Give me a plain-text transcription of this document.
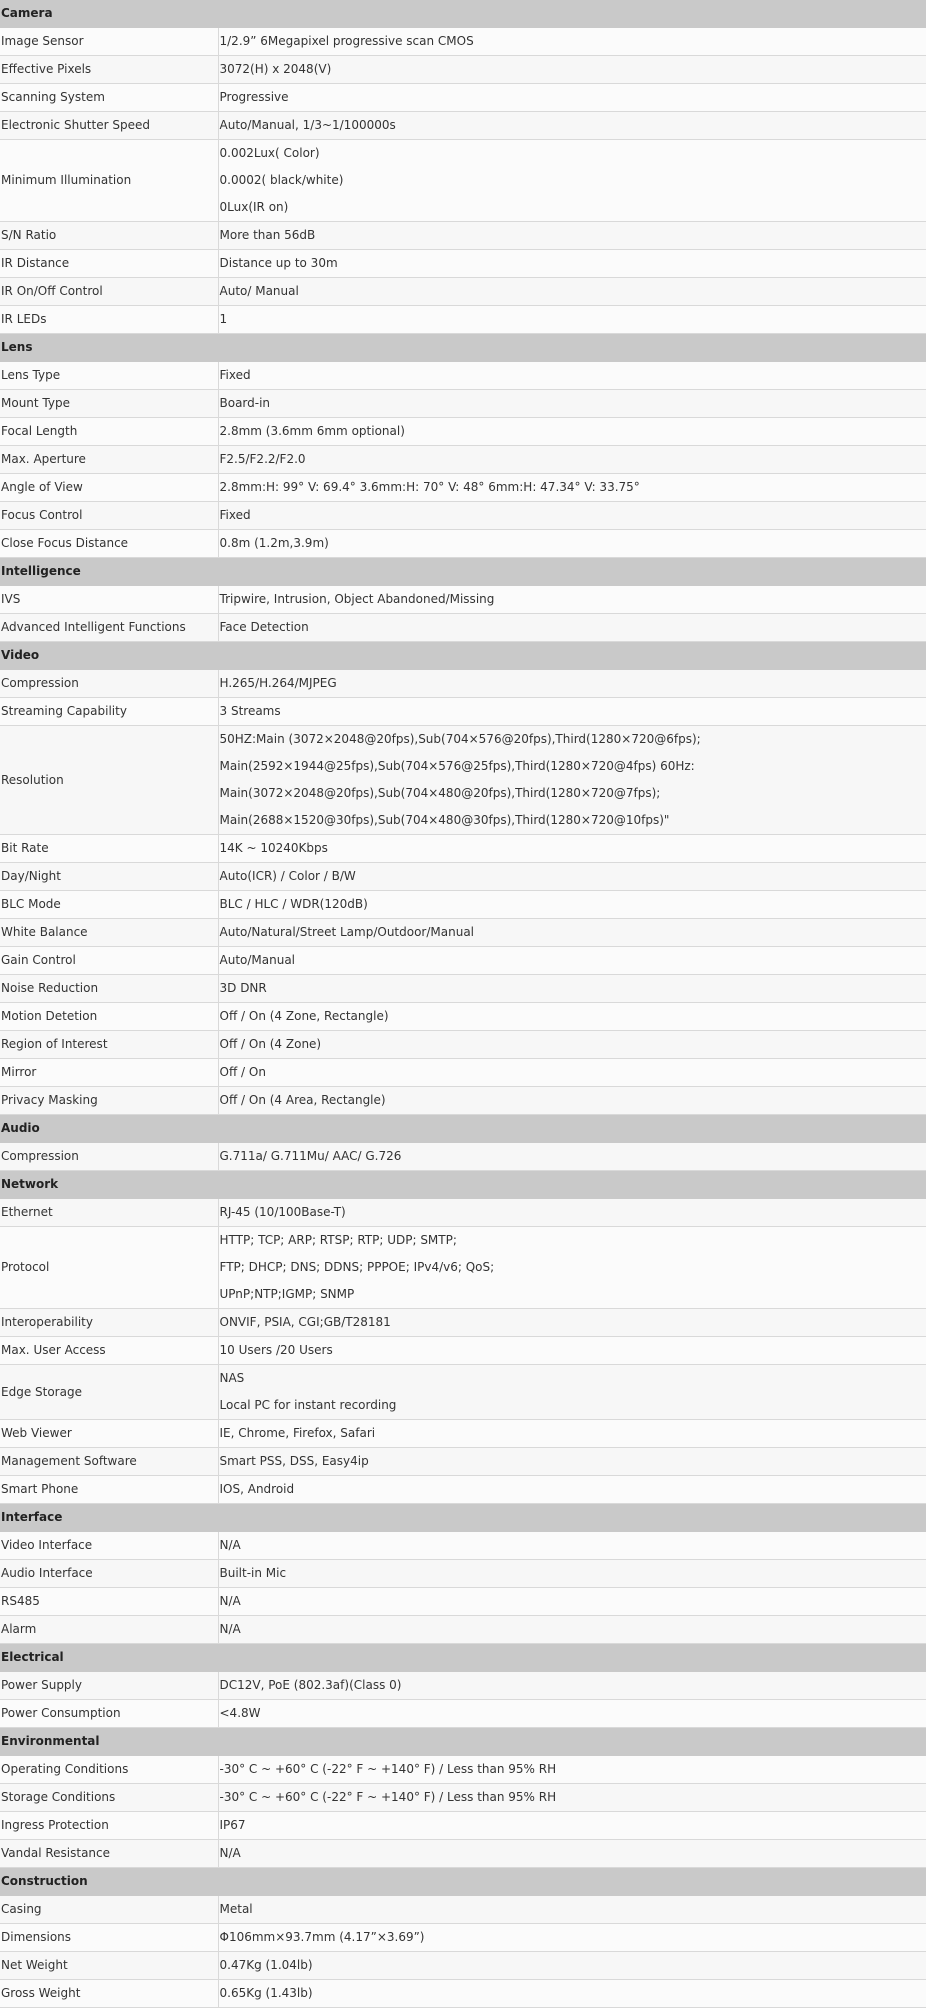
Camera	
Image Sensor	1/2.9” 6Megapixel progressive scan CMOS

Effective Pixels	3072(H) x 2048(V)

Scanning System	Progressive

Electronic Shutter Speed	Auto/Manual, 1/3~1/100000s

Minimum Illumination	0.002Lux( Color)
0.0002( black/white)
0Lux(IR on)

S/N Ratio	More than 56dB

IR Distance	Distance up to 30m

IR On/Off Control	Auto/ Manual

IR LEDs	1

Lens	
Lens Type	Fixed

Mount Type	Board-in

Focal Length	2.8mm (3.6mm 6mm optional)

Max. Aperture	F2.5/F2.2/F2.0

Angle of View	2.8mm:H: 99° V: 69.4° 3.6mm:H: 70° V: 48° 6mm:H: 47.34° V: 33.75°

Focus Control	Fixed

Close Focus Distance	0.8m (1.2m,3.9m)

Intelligence	
IVS	Tripwire, Intrusion, Object Abandoned/Missing

Advanced Intelligent Functions	Face Detection

Video	
Compression	H.265/H.264/MJPEG

Streaming Capability	3 Streams

Resolution	50HZ:Main (3072×2048@20fps),Sub(704×576@20fps),Third(1280×720@6fps);
Main(2592×1944@25fps),Sub(704×576@25fps),Third(1280×720@4fps) 60Hz:
Main(3072×2048@20fps),Sub(704×480@20fps),Third(1280×720@7fps);
Main(2688×1520@30fps),Sub(704×480@30fps),Third(1280×720@10fps)"

Bit Rate	14K ~ 10240Kbps

Day/Night	Auto(ICR) / Color / B/W

BLC Mode	BLC / HLC / WDR(120dB)

White Balance	Auto/Natural/Street Lamp/Outdoor/Manual

Gain Control	Auto/Manual

Noise Reduction	3D DNR

Motion Detetion	Off / On (4 Zone, Rectangle)

Region of Interest	Off / On (4 Zone)

Mirror	Off / On

Privacy Masking	Off / On (4 Area, Rectangle)

Audio	
Compression	G.711a/ G.711Mu/ AAC/ G.726

Network	
Ethernet	RJ-45 (10/100Base-T)

Protocol	HTTP; TCP; ARP; RTSP; RTP; UDP; SMTP;
FTP; DHCP; DNS; DDNS; PPPOE; IPv4/v6; QoS;
UPnP;NTP;IGMP; SNMP

Interoperability	ONVIF, PSIA, CGI;GB/T28181

Max. User Access	10 Users /20 Users

Edge Storage	NAS
Local PC for instant recording

Web Viewer	IE, Chrome, Firefox, Safari

Management Software	Smart PSS, DSS, Easy4ip

Smart Phone	IOS, Android

Interface	
Video Interface	N/A

Audio Interface	Built-in Mic

RS485	N/A

Alarm	N/A

Electrical	
Power Supply	DC12V, PoE (802.3af)(Class 0)

Power Consumption	<4.8W

Environmental	
Operating Conditions	-30° C ~ +60° C (-22° F ~ +140° F) / Less than 95% RH

Storage Conditions	-30° C ~ +60° C (-22° F ~ +140° F) / Less than 95% RH

Ingress Protection	IP67

Vandal Resistance	N/A

Construction	
Casing	Metal

Dimensions	Φ106mm×93.7mm (4.17”×3.69”)

Net Weight	0.47Kg (1.04lb)

Gross Weight	0.65Kg (1.43lb)
